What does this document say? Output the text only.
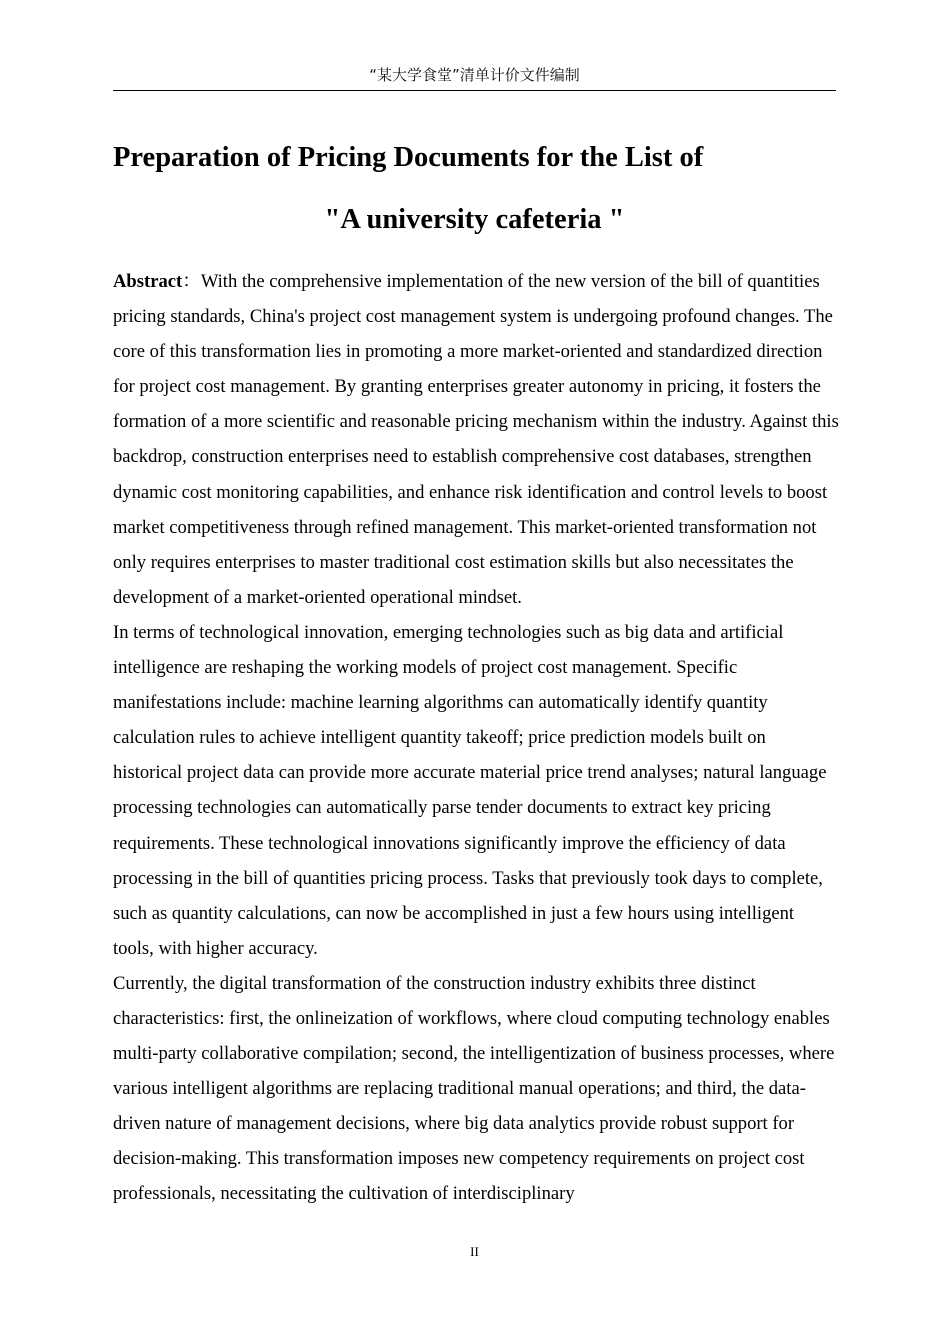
“某大学食堂”清单计价文件编制
Preparation of Pricing Documents for the List of
"A university cafeteria "

Abstract：With the comprehensive implementation of the new version of the bill of quantities pricing standards, China's project cost management system is undergoing profound changes. The core of this transformation lies in promoting a more market-oriented and standardized direction for project cost management. By granting enterprises greater autonomy in pricing, it fosters the formation of a more scientific and reasonable pricing mechanism within the industry. Against this backdrop, construction enterprises need to establish comprehensive cost databases, strengthen dynamic cost monitoring capabilities, and enhance risk identification and control levels to boost market competitiveness through refined management. This market-oriented transformation not only requires enterprises to master traditional cost estimation skills but also necessitates the development of a market-oriented operational mindset.

In terms of technological innovation, emerging technologies such as big data and artificial intelligence are reshaping the working models of project cost management. Specific manifestations include: machine learning algorithms can automatically identify quantity calculation rules to achieve intelligent quantity takeoff; price prediction models built on historical project data can provide more accurate material price trend analyses; natural language processing technologies can automatically parse tender documents to extract key pricing requirements. These technological innovations significantly improve the efficiency of data processing in the bill of quantities pricing process. Tasks that previously took days to complete, such as quantity calculations, can now be accomplished in just a few hours using intelligent tools, with higher accuracy.

Currently, the digital transformation of the construction industry exhibits three distinct characteristics: first, the onlineization of workflows, where cloud computing technology enables multi-party collaborative compilation; second, the intelligentization of business processes, where various intelligent algorithms are replacing traditional manual operations; and third, the data-driven nature of management decisions, where big data analytics provide robust support for decision-making. This transformation imposes new competency requirements on project cost professionals, necessitating the cultivation of interdisciplinary

II
